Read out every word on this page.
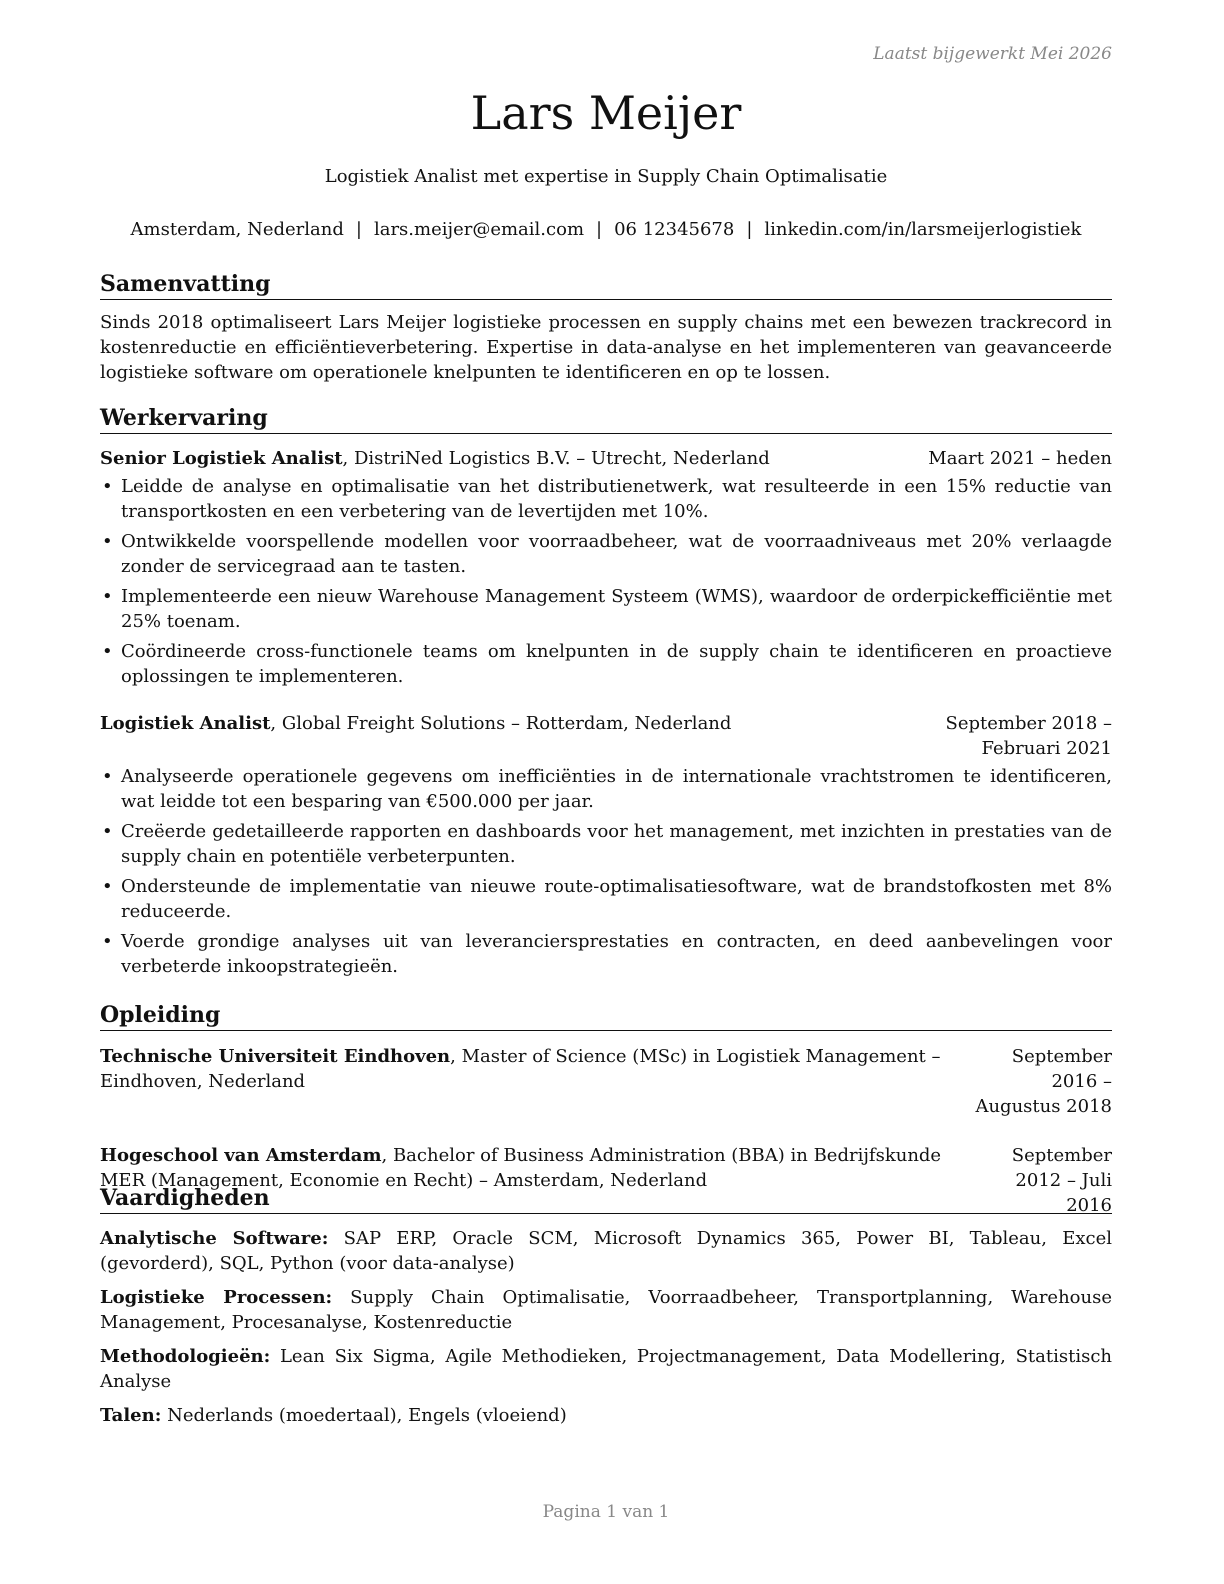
Laatst bijgewerkt Mei 2026
Lars Meijer
Logistiek Analist met expertise in Supply Chain Optimalisatie
Amsterdam, Nederland | lars.meijer@email.com | 06 12345678 | linkedin.com/in/larsmeijerlogistiek
Samenvatting

Sinds 2018 optimaliseert Lars Meijer logistieke processen en supply chains met een bewezen trackrecord in kostenreductie en efficiëntieverbetering. Expertise in data-analyse en het implementeren van geavanceerde logistieke software om operationele knelpunten te identificeren en op te lossen.

Werkervaring
Senior Logistiek Analist, DistriNed Logistics B.V. – Utrecht, Nederland	Maart 2021 – heden
• Leidde de analyse en optimalisatie van het distributienetwerk, wat resulteerde in een 15% reductie van transportkosten en een verbetering van de levertijden met 10%.
• Ontwikkelde voorspellende modellen voor voorraadbeheer, wat de voorraadniveaus met 20% verlaagde zonder de servicegraad aan te tasten.
• Implementeerde een nieuw Warehouse Management Systeem (WMS), waardoor de orderpickefficiëntie met 25% toenam.
• Coördineerde cross-functionele teams om knelpunten in de supply chain te identificeren en proactieve oplossingen te implementeren.
Logistiek Analist, Global Freight Solutions – Rotterdam, Nederland	September 2018 – Februari 2021
• Analyseerde operationele gegevens om inefficiënties in de internationale vrachtstromen te identificeren, wat leidde tot een besparing van €500.000 per jaar.
• Creëerde gedetailleerde rapporten en dashboards voor het management, met inzichten in prestaties van de supply chain en potentiële verbeterpunten.
• Ondersteunde de implementatie van nieuwe route-optimalisatiesoftware, wat de brandstofkosten met 8% reduceerde.
• Voerde grondige analyses uit van leveranciersprestaties en contracten, en deed aanbevelingen voor verbeterde inkoopstrategieën.
Opleiding
Technische Universiteit Eindhoven, Master of Science (MSc) in Logistiek Management – Eindhoven, Nederland
September 2016 – Augustus 2018
Hogeschool van Amsterdam, Bachelor of Business Administration (BBA) in Bedrijfskunde MER (Management, Economie en Recht) – Amsterdam, Nederland
September 2012 – Juli 2016
Vaardigheden
Analytische Software: SAP ERP, Oracle SCM, Microsoft Dynamics 365, Power BI, Tableau, Excel (gevorderd), SQL, Python (voor data-analyse)
Logistieke Processen: Supply Chain Optimalisatie, Voorraadbeheer, Transportplanning, Warehouse Management, Procesanalyse, Kostenreductie
Methodologieën: Lean Six Sigma, Agile Methodieken, Projectmanagement, Data Modellering, Statistisch Analyse
Talen: Nederlands (moedertaal), Engels (vloeiend)
Pagina 1 van 1
